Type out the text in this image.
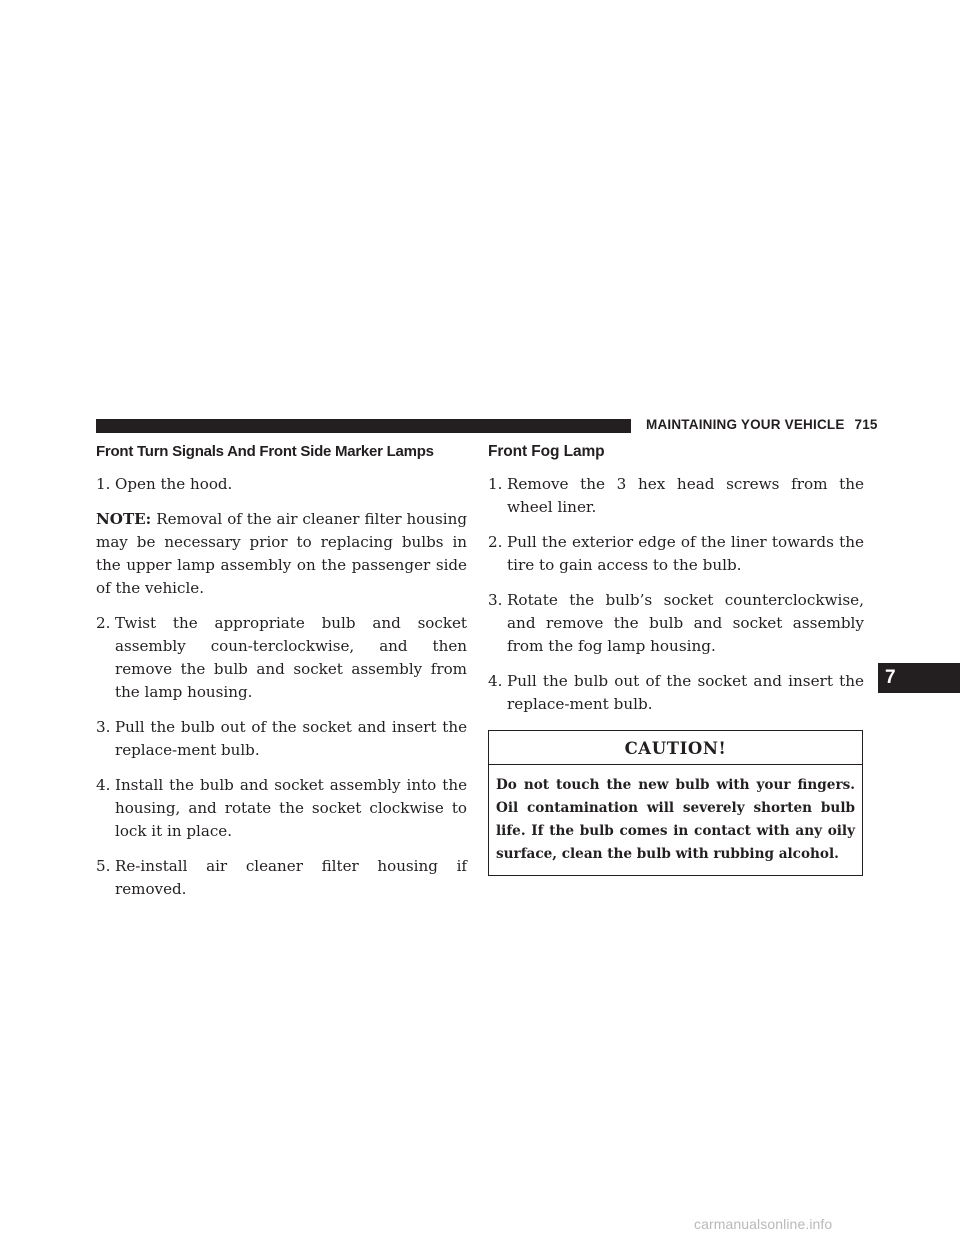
MAINTAINING YOUR VEHICLE 715
Front Turn Signals And Front Side Marker Lamps
1. Open the hood.

NOTE: Removal of the air cleaner filter housing may be necessary prior to replacing bulbs in the upper lamp assembly on the passenger side of the vehicle.

2. Twist the appropriate bulb and socket assembly coun-terclockwise, and then remove the bulb and socket assembly from the lamp housing.
3. Pull the bulb out of the socket and insert the replace-ment bulb.
4. Install the bulb and socket assembly into the housing, and rotate the socket clockwise to lock it in place.
5. Re-install air cleaner filter housing if removed.
Front Fog Lamp
1. Remove the 3 hex head screws from the wheel liner.
2. Pull the exterior edge of the liner towards the tire to gain access to the bulb.
3. Rotate the bulb’s socket counterclockwise, and remove the bulb and socket assembly from the fog lamp housing.
4. Pull the bulb out of the socket and insert the replace-ment bulb.
CAUTION!
Do not touch the new bulb with your fingers. Oil contamination will severely shorten bulb life. If the bulb comes in contact with any oily surface, clean the bulb with rubbing alcohol.
7
carmanualsonline.info
